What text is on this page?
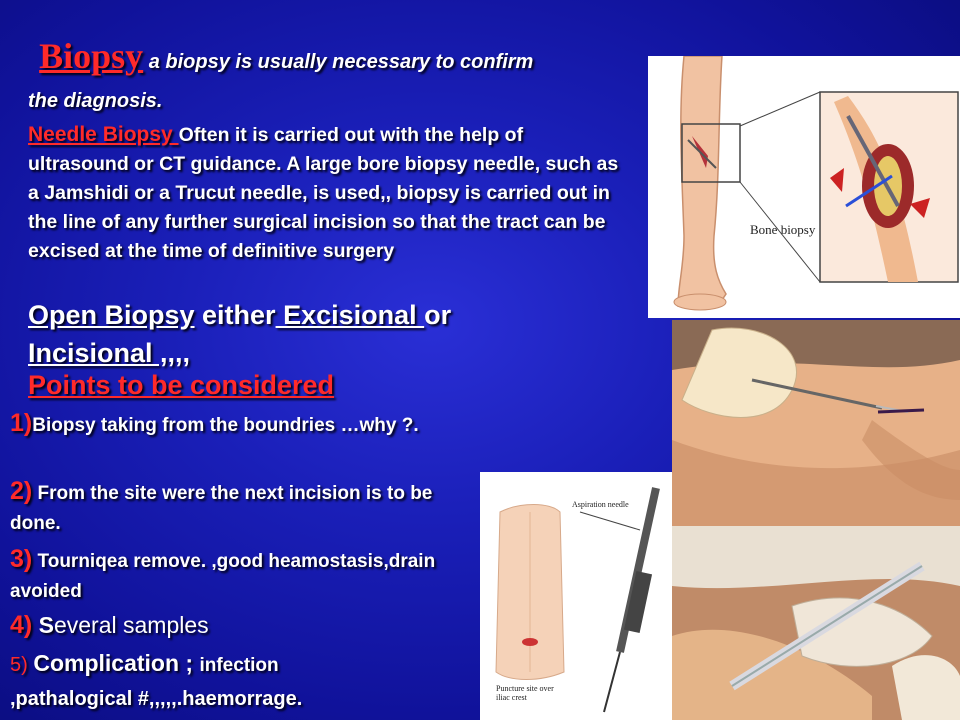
Biopsy a biopsy is usually necessary to confirm
the diagnosis.
Needle Biopsy Often it is carried out with the help of ultrasound or CT guidance. A large bore biopsy needle, such as a Jamshidi or a Trucut needle, is used,, biopsy is carried out in the line of any further surgical incision so that the tract can be excised at the time of definitive surgery
Open Biopsy either Excisional or
Incisional ,,,,
Points to be considered
1)Biopsy taking from the boundries …why ?.
2) From the site were the next incision is to be done.
3) Tourniqea remove. ,good heamostasis,drain avoided
4) Several samples
5) Complication ; infection
,pathalogical #,,,,,.haemorrage.
Bone biopsy
Aspiration needle
Puncture site over iliac crest
